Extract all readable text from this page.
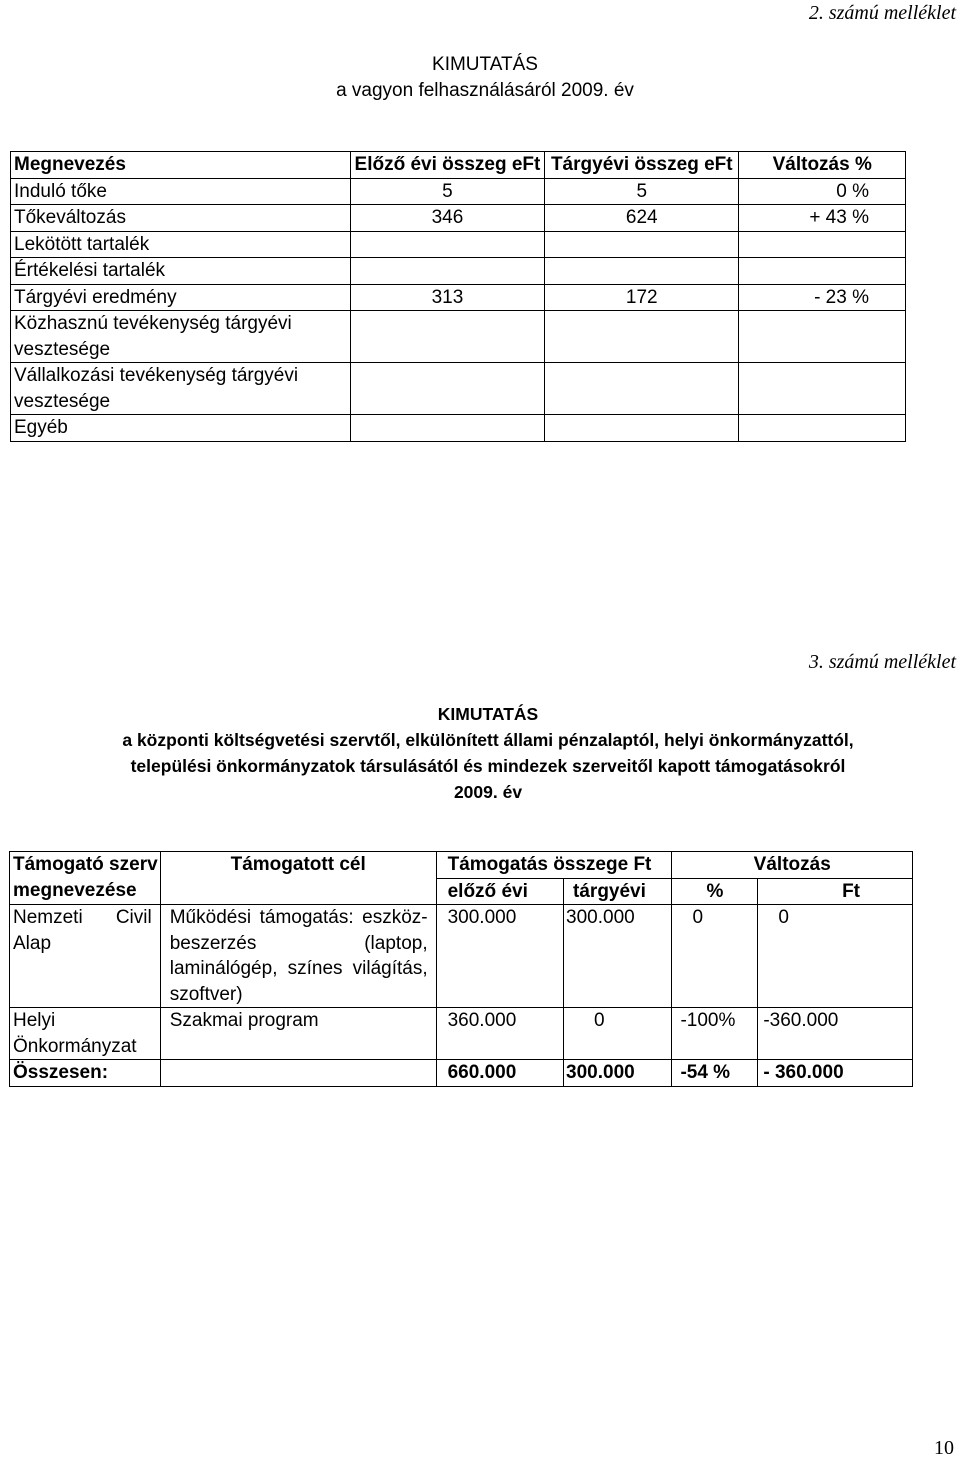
2. számú melléklet
KIMUTATÁS
a vagyon felhasználásáról 2009. év
Megnevezés	Előző évi összeg eFt	Tárgyévi összeg eFt	Változás %
Induló tőke	5	5	0 %
Tőkeváltozás	346	624	+ 43 %
Lekötött tartalék			
Értékelési tartalék			
Tárgyévi eredmény	313	172	- 23 %
Közhasznú tevékenység tárgyévi vesztesége			
Vállalkozási tevékenység tárgyévi vesztesége			
Egyéb			
3. számú melléklet
KIMUTATÁS
a központi költségvetési szervtől, elkülönített állami pénzalaptól, helyi önkormányzattól,
települési önkormányzatok társulásától és mindezek szerveitől kapott támogatásokról
2009. év
Támogató szerv megnevezése	Támogatott cél	Támogatás összege Ft		Változás	
		előző évi	tárgyévi	%	Ft
Nemzeti Civil Alap	Működési támogatás: eszköz-beszerzés (laptop, laminálógép, színes világítás, szoftver)	300.000	300.000	0	0
Helyi Önkormányzat	Szakmai program	360.000	0	-100%	-360.000
Összesen:		660.000	300.000	-54 %	- 360.000
10
